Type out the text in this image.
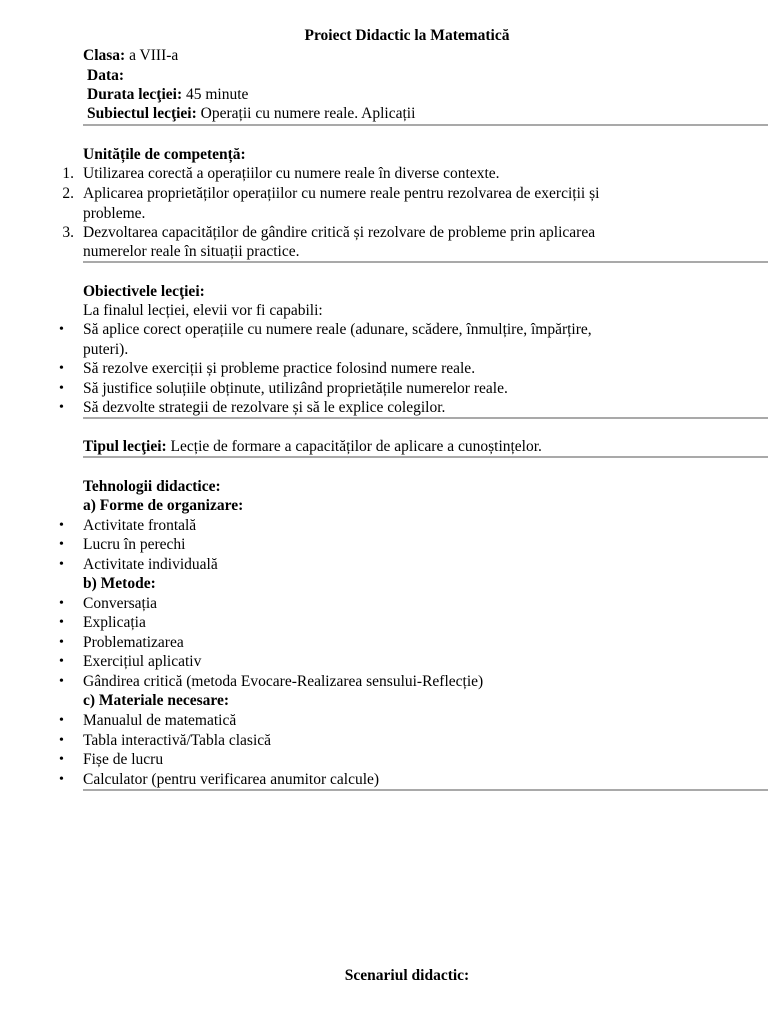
Proiect Didactic la Matematică
Clasa: a VIII-a
Data:
Durata lecţiei: 45 minute
Subiectul lecţiei: Operații cu numere reale. Aplicații
Unitățile de competență:
1. Utilizarea corectă a operațiilor cu numere reale în diverse contexte.
2. Aplicarea proprietăților operațiilor cu numere reale pentru rezolvarea de exerciții și
probleme.
3. Dezvoltarea capacităților de gândire critică și rezolvare de probleme prin aplicarea
numerelor reale în situații practice.
Obiectivele lecţiei:
La finalul lecției, elevii vor fi capabili:
• Să aplice corect operațiile cu numere reale (adunare, scădere, înmulțire, împărțire,
puteri).
• Să rezolve exerciții și probleme practice folosind numere reale.
• Să justifice soluțiile obținute, utilizând proprietățile numerelor reale.
• Să dezvolte strategii de rezolvare și să le explice colegilor.
Tipul lecţiei: Lecție de formare a capacităților de aplicare a cunoștințelor.
Tehnologii didactice:
a) Forme de organizare:
• Activitate frontală
• Lucru în perechi
• Activitate individuală
b) Metode:
• Conversația
• Explicația
• Problematizarea
• Exercițiul aplicativ
• Gândirea critică (metoda Evocare-Realizarea sensului-Reflecție)
c) Materiale necesare:
• Manualul de matematică
• Tabla interactivă/Tabla clasică
• Fișe de lucru
• Calculator (pentru verificarea anumitor calcule)
Scenariul didactic:
